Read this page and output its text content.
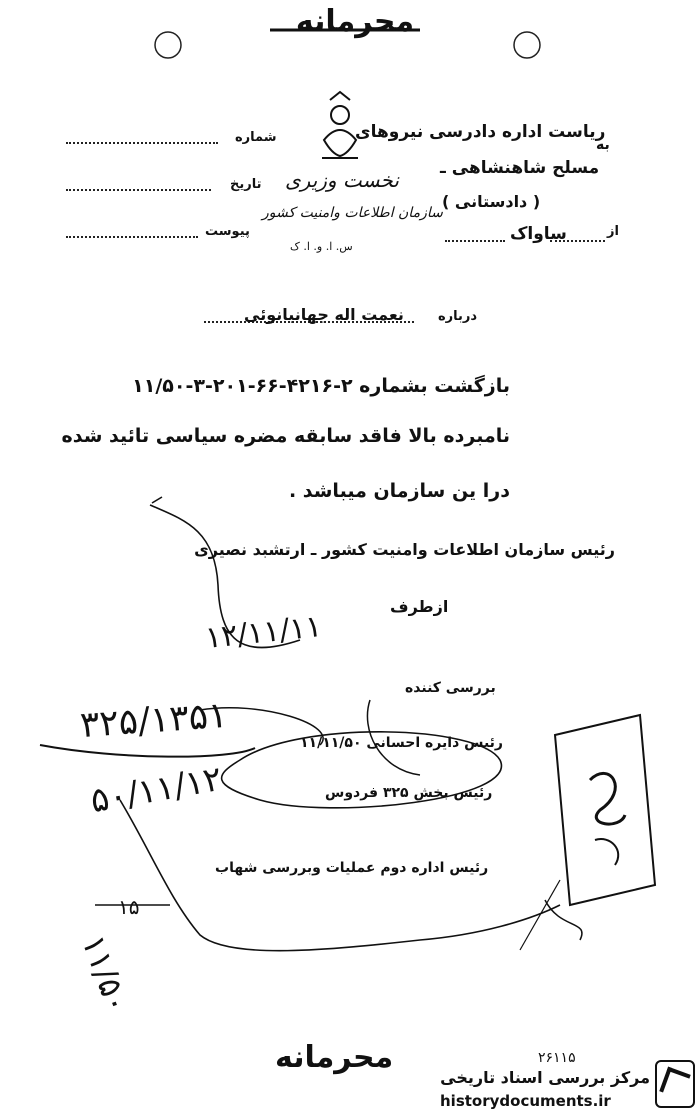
محرمانه
شماره
تاریخ
پیوست
نخست وزیری
سازمان اطلاعات وامنیت کشور
س. ا. و. ا. ک
به
ریاست اداره دادرسی نیروهای
مسلح شاهنشاهی ـ
( دادستانی )
ساواک	از
نعمت اله جهانبانوئی	درباره
بازگشت بشماره ۲-۴۲۱۶-۶۶-۲۰۱-۳-۱۱/۵۰
نامبرده بالا فاقد سابقه مضره سیاسی تائید شده
درا ین سازمان میباشد .
رئیس سازمان اطلاعات وامنیت کشور ـ ارتشبد نصیری
ازطرف
۱۲/۱۱/۱۱
۳۲۵/۱۳۵۱
۵۰/۱۱/۱۲
۱۵
۱۱/۵۰
بررسی کننده
رئیس دایره احسانی ۱۱/۱۱/۵۰
رئیس بخش ۳۲۵ فردوس
رئیس اداره دوم عملیات وبررسی شهاب
محرمانه	۲۶۱۱۵
مرکز بررسی اسناد تاریخی
historydocuments.ir
